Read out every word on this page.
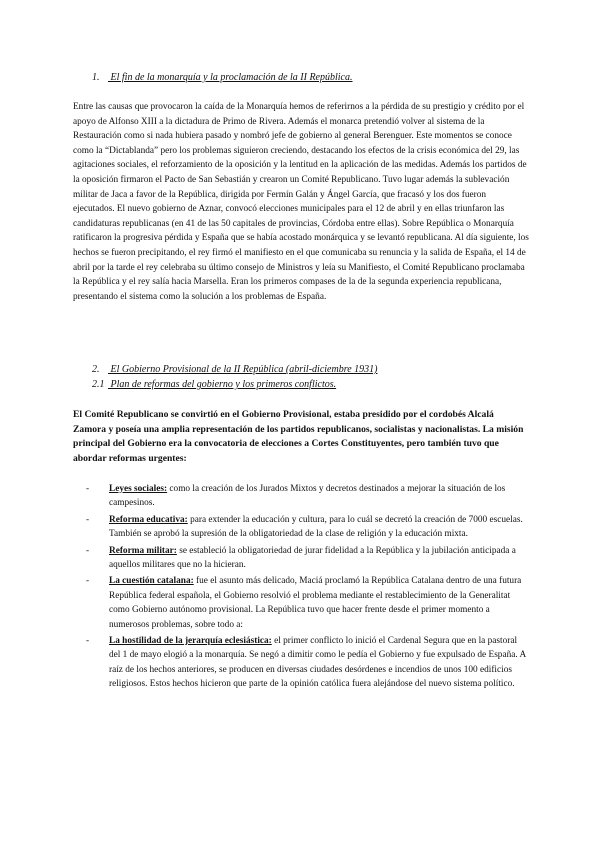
1. El fin de la monarquía y la proclamación de la II República.

Entre las causas que provocaron la caída de la Monarquía hemos de referirnos a la pérdida de su prestigio y crédito por el apoyo de Alfonso XIII a la dictadura de Primo de Rivera. Además el monarca pretendió volver al sistema de la Restauración como si nada hubiera pasado y nombró jefe de gobierno al general Berenguer. Este momentos se conoce como la “Dictablanda” pero los problemas siguieron creciendo, destacando los efectos de la crisis económica del 29, las agitaciones sociales, el reforzamiento de la oposición y la lentitud en la aplicación de las medidas. Además los partidos de la oposición firmaron el Pacto de San Sebastián y crearon un Comité Republicano. Tuvo lugar además la sublevación militar de Jaca a favor de la República, dirigida por Fermín Galán y Ángel García, que fracasó y los dos fueron ejecutados. El nuevo gobierno de Aznar, convocó elecciones municipales para el 12 de abril y en ellas triunfaron las candidaturas republicanas (en 41 de las 50 capitales de provincias, Córdoba entre ellas). Sobre República o Monarquía ratificaron la progresiva pérdida y España que se había acostado monárquica y se levantó republicana. Al día siguiente, los hechos se fueron precipitando, el rey firmó el manifiesto en el que comunicaba su renuncia y la salida de España, el 14 de abril por la tarde el rey celebraba su último consejo de Ministros y leía su Manifiesto, el Comité Republicano proclamaba la República y el rey salía hacia Marsella. Eran los primeros compases de la de la segunda experiencia republicana, presentando el sistema como la solución a los problemas de España.

2. El Gobierno Provisional de la II República (abril-diciembre 1931)
2.1 Plan de reformas del gobierno y los primeros conflictos.

El Comité Republicano se convirtió en el Gobierno Provisional, estaba presidido por el cordobés Alcalá Zamora y poseía una amplia representación de los partidos republicanos, socialistas y nacionalistas. La misión principal del Gobierno era la convocatoria de elecciones a Cortes Constituyentes, pero también tuvo que abordar reformas urgentes:

- Leyes sociales: como la creación de los Jurados Mixtos y decretos destinados a mejorar la situación de los campesinos.
- Reforma educativa: para extender la educación y cultura, para lo cuál se decretó la creación de 7000 escuelas. También se aprobó la supresión de la obligatoriedad de la clase de religión y la educación mixta.
- Reforma militar: se estableció la obligatoriedad de jurar fidelidad a la República y la jubilación anticipada a aquellos militares que no la hicieran.
- La cuestión catalana: fue el asunto más delicado, Maciá proclamó la República Catalana dentro de una futura República federal española, el Gobierno resolvió el problema mediante el restablecimiento de la Generalitat como Gobierno autónomo provisional. La República tuvo que hacer frente desde el primer momento a numerosos problemas, sobre todo a:
- La hostilidad de la jerarquía eclesiástica: el primer conflicto lo inició el Cardenal Segura que en la pastoral del 1 de mayo elogió a la monarquía. Se negó a dimitir como le pedía el Gobierno y fue expulsado de España. A raíz de los hechos anteriores, se producen en diversas ciudades desórdenes e incendios de unos 100 edificios religiosos. Estos hechos hicieron que parte de la opinión católica fuera alejándose del nuevo sistema político.
